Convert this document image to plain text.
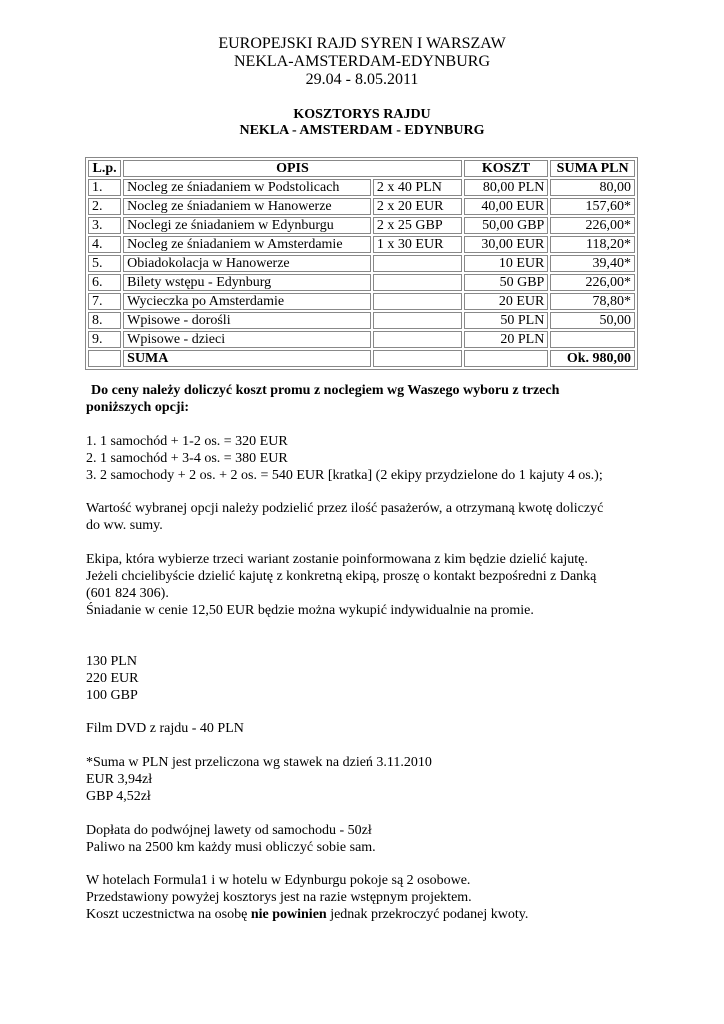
EUROPEJSKI RAJD SYREN I WARSZAW
NEKLA-AMSTERDAM-EDYNBURG
29.04 - 8.05.2011
KOSZTORYS RAJDU
NEKLA - AMSTERDAM - EDYNBURG
L.p.	OPIS		KOSZT	SUMA PLN
1.	Nocleg ze śniadaniem w Podstolicach	2 x 40 PLN	80,00 PLN	80,00
2.	Nocleg ze śniadaniem w Hanowerze	2 x 20 EUR	40,00 EUR	157,60*
3.	Noclegi ze śniadaniem w Edynburgu	2 x 25 GBP	50,00 GBP	226,00*
4.	Nocleg ze śniadaniem w Amsterdamie	1 x 30 EUR	30,00 EUR	118,20*
5.	Obiadokolacja w Hanowerze		10 EUR	39,40*
6.	Bilety wstępu - Edynburg		50 GBP	226,00*
7.	Wycieczka po Amsterdamie		20 EUR	78,80*
8.	Wpisowe - dorośli		50 PLN	50,00
9.	Wpisowe - dzieci		20 PLN	
	SUMA			Ok. 980,00
Do ceny należy doliczyć koszt promu z noclegiem wg Waszego wyboru z trzech
poniższych opcji:
1. 1 samochód + 1-2 os. = 320 EUR
2. 1 samochód + 3-4 os. = 380 EUR
3. 2 samochody + 2 os. + 2 os. = 540 EUR [kratka] (2 ekipy przydzielone do 1 kajuty 4 os.);
Wartość wybranej opcji należy podzielić przez ilość pasażerów, a otrzymaną kwotę doliczyć
do ww. sumy.
Ekipa, która wybierze trzeci wariant zostanie poinformowana z kim będzie dzielić kajutę.
Jeżeli chcielibyście dzielić kajutę z konkretną ekipą, proszę o kontakt bezpośredni z Danką
(601 824 306).
Śniadanie w cenie 12,50 EUR będzie można wykupić indywidualnie na promie.
130 PLN
220 EUR
100 GBP
Film DVD z rajdu - 40 PLN
*Suma w PLN jest przeliczona wg stawek na dzień 3.11.2010
EUR 3,94zł
GBP 4,52zł
Dopłata do podwójnej lawety od samochodu - 50zł
Paliwo na 2500 km każdy musi obliczyć sobie sam.
W hotelach Formula1 i w hotelu w Edynburgu pokoje są 2 osobowe.
Przedstawiony powyżej kosztorys jest na razie wstępnym projektem.
Koszt uczestnictwa na osobę nie powinien jednak przekroczyć podanej kwoty.
